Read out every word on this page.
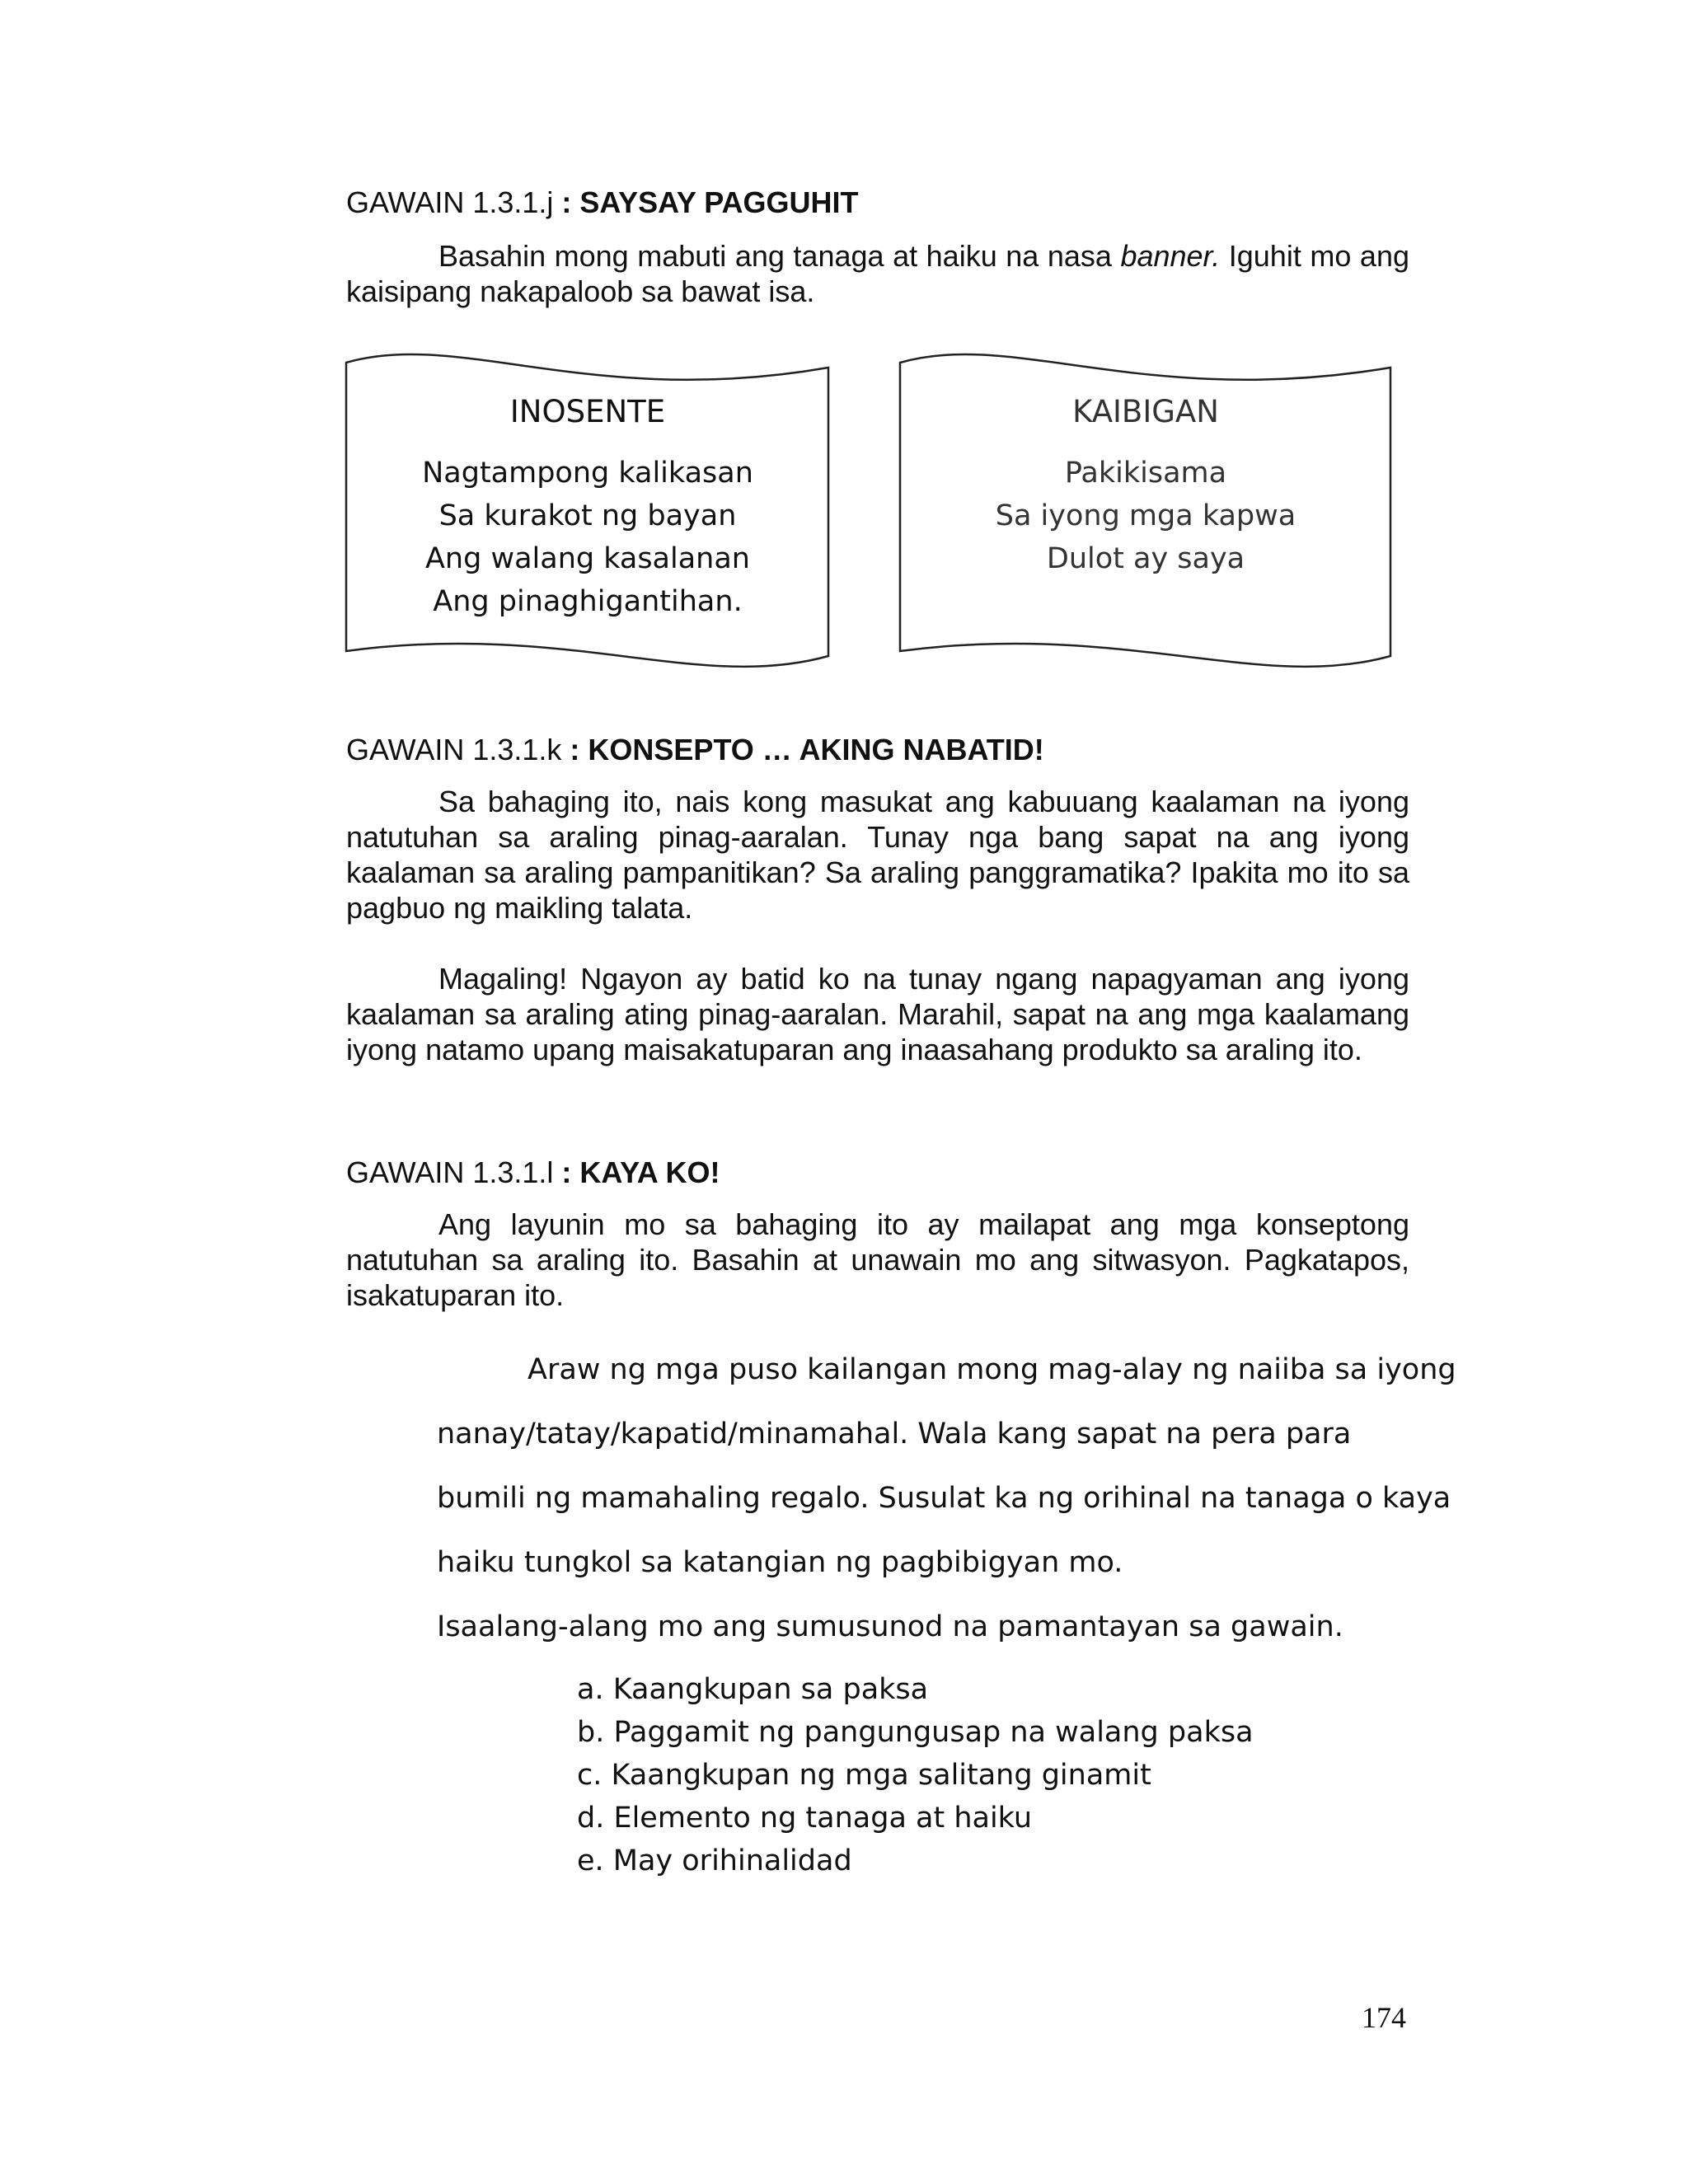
GAWAIN 1.3.1.j : SAYSAY PAGGUHIT
Basahin mong mabuti ang tanaga at haiku na nasa banner. Iguhit mo ang kaisipang nakapaloob sa bawat isa.
INOSENTE
Nagtampong kalikasan
Sa kurakot ng bayan
Ang walang kasalanan
Ang pinaghigantihan.
KAIBIGAN
Pakikisama
Sa iyong mga kapwa
Dulot ay saya
GAWAIN 1.3.1.k : KONSEPTO … AKING NABATID!
Sa bahaging ito, nais kong masukat ang kabuuang kaalaman na iyong natutuhan sa araling pinag-aaralan. Tunay nga bang sapat na ang iyong kaalaman sa araling pampanitikan? Sa araling panggramatika? Ipakita mo ito sa pagbuo ng maikling talata.
Magaling! Ngayon ay batid ko na tunay ngang napagyaman ang iyong kaalaman sa araling ating pinag-aaralan. Marahil, sapat na ang mga kaalamang iyong natamo upang maisakatuparan ang inaasahang produkto sa araling ito.
GAWAIN 1.3.1.l : KAYA KO!
Ang layunin mo sa bahaging ito ay mailapat ang mga konseptong natutuhan sa araling ito. Basahin at unawain mo ang sitwasyon. Pagkatapos, isakatuparan ito.
Araw ng mga puso kailangan mong mag-alay ng naiiba sa iyong
nanay/tatay/kapatid/minamahal. Wala kang sapat na pera para
bumili ng mamahaling regalo. Susulat ka ng orihinal na tanaga o kaya
haiku tungkol sa katangian ng pagbibigyan mo.
Isaalang-alang mo ang sumusunod na pamantayan sa gawain.
a. Kaangkupan sa paksa
b. Paggamit ng pangungusap na walang paksa
c. Kaangkupan ng mga salitang ginamit
d. Elemento ng tanaga at haiku
e. May orihinalidad
174
